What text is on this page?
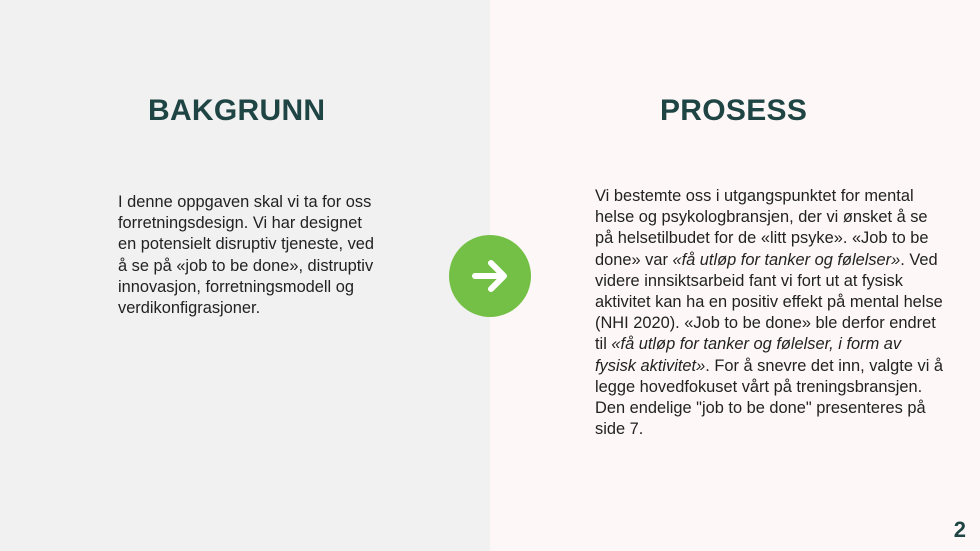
BAKGRUNN

I denne oppgaven skal vi ta for oss forretningsdesign. Vi har designet en potensielt disruptiv tjeneste, ved å se på «job to be done», distruptiv innovasjon, forretningsmodell og verdikonfigrasjoner.

PROSESS

Vi bestemte oss i utgangspunktet for mental helse og psykologbransjen, der vi ønsket å se på helsetilbudet for de «litt psyke». «Job to be done» var «få utløp for tanker og følelser». Ved videre innsiktsarbeid fant vi fort ut at fysisk aktivitet kan ha en positiv effekt på mental helse (NHI 2020). «Job to be done» ble derfor endret til «få utløp for tanker og følelser, i form av fysisk aktivitet». For å snevre det inn, valgte vi å legge hovedfokuset vårt på treningsbransjen. Den endelige "job to be done" presenteres på side 7.

2
